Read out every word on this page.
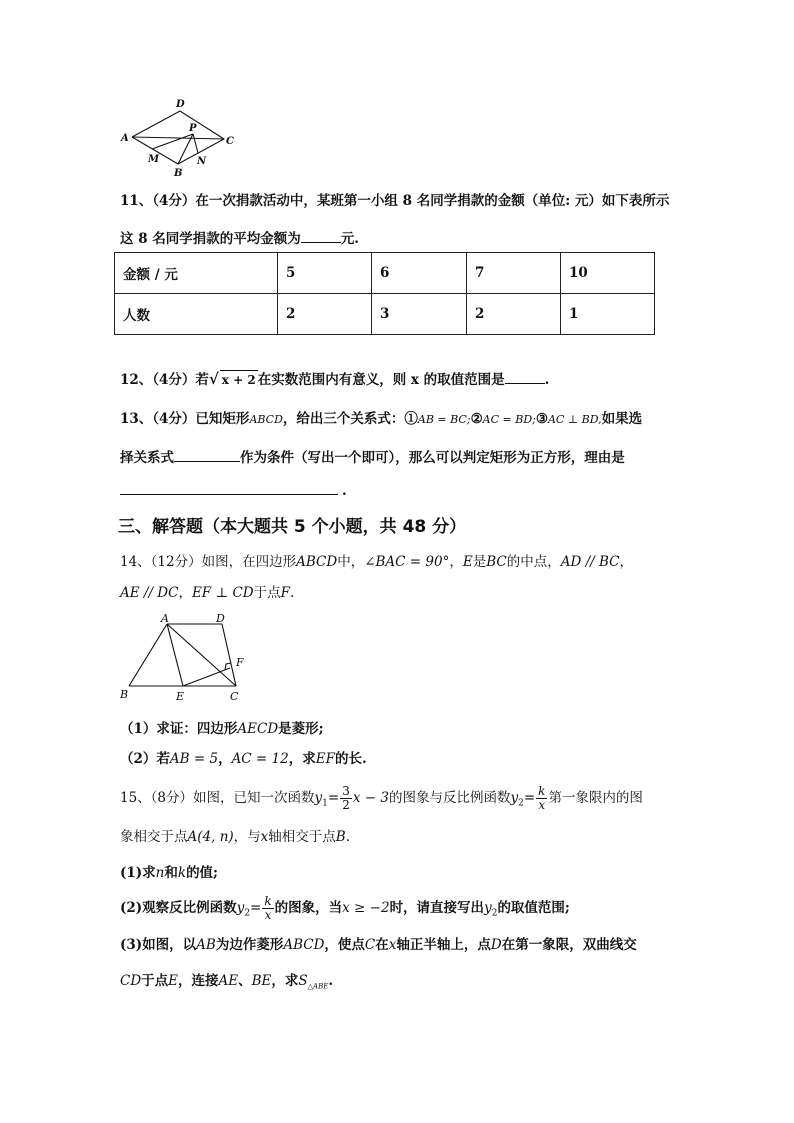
D
A
P
C
M	N
B
11、（4分）在一次捐款活动中，某班第一小组 8 名同学捐款的金额（单位: 元）如下表所示
这 8 名同学捐款的平均金额为	元.
金额 / 元	5	6	7	10
人数	2	3	2	1
12、（4分）若√ x + 2 在实数范围内有意义，则 x 的取值范围是	.
13、（4分）已知矩形ABCD，给出三个关系式：①AB = BC;②AC = BD;③AC ⊥ BD,如果选
择关系式	作为条件（写出一个即可），那么可以判定矩形为正方形，理由是
.
三、解答题（本大题共 5 个小题，共 48 分）
14、（12分）如图，在四边形ABCD中，∠BAC = 90°，E是BC的中点，AD // BC，
AE // DC，EF ⊥ CD于点F.
A	D
F
B	E	C
（1）求证：四边形AECD是菱形;
（2）若AB = 5，AC = 12，求EF的长.
15、（8分）如图，已知一次函数$y_1= \frac{3}{2}$ x − 3的图象与反比例函数$y_2= \frac{k}{x}$ 第一象限内的图
象相交于点A(4, n)，与x轴相交于点B.
(1)求n和k的值;
(2)观察反比例函数$y_2= \frac{k}{x}$ 的图象，当x ≥ −2时，请直接写出$y_2$的取值范围;
(3)如图，以AB为边作菱形ABCD，使点C在x轴正半轴上，点D在第一象限，双曲线交
CD于点E，连接AE、BE，求$S_{\triangle ABE}$.
